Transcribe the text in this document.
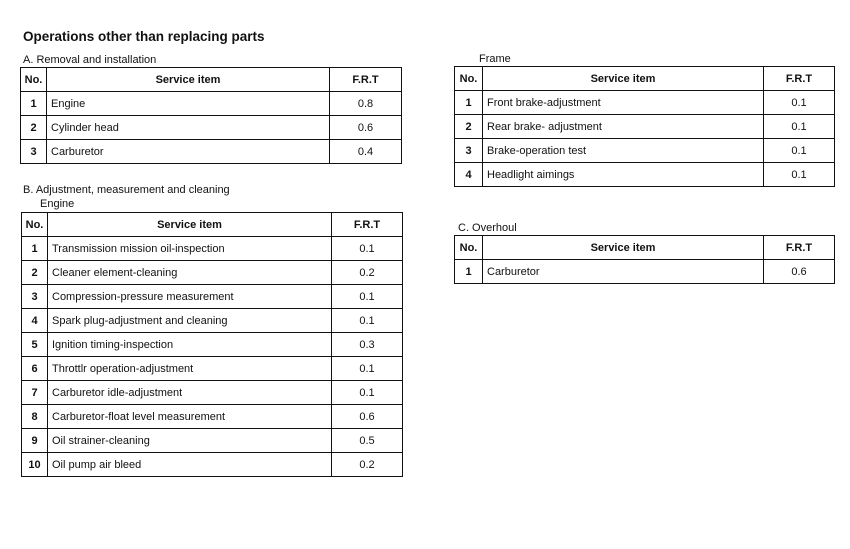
Operations other than replacing parts

A. Removal and installation

No.	Service item	F.R.T
1	Engine	0.8
2	Cylinder head	0.6
3	Carburetor	0.4

B. Adjustment, measurement and cleaning

Engine

No.	Service item	F.R.T
1	Transmission mission oil-inspection	0.1
2	Cleaner element-cleaning	0.2
3	Compression-pressure measurement	0.1
4	Spark plug-adjustment and cleaning	0.1
5	Ignition timing-inspection	0.3
6	Throttlr operation-adjustment	0.1
7	Carburetor idle-adjustment	0.1
8	Carburetor-float level measurement	0.6
9	Oil strainer-cleaning	0.5
10	Oil pump air bleed	0.2

Frame

No.	Service item	F.R.T
1	Front brake-adjustment	0.1
2	Rear brake- adjustment	0.1
3	Brake-operation test	0.1
4	Headlight aimings	0.1

C. Overhoul

No.	Service item	F.R.T
1	Carburetor	0.6
